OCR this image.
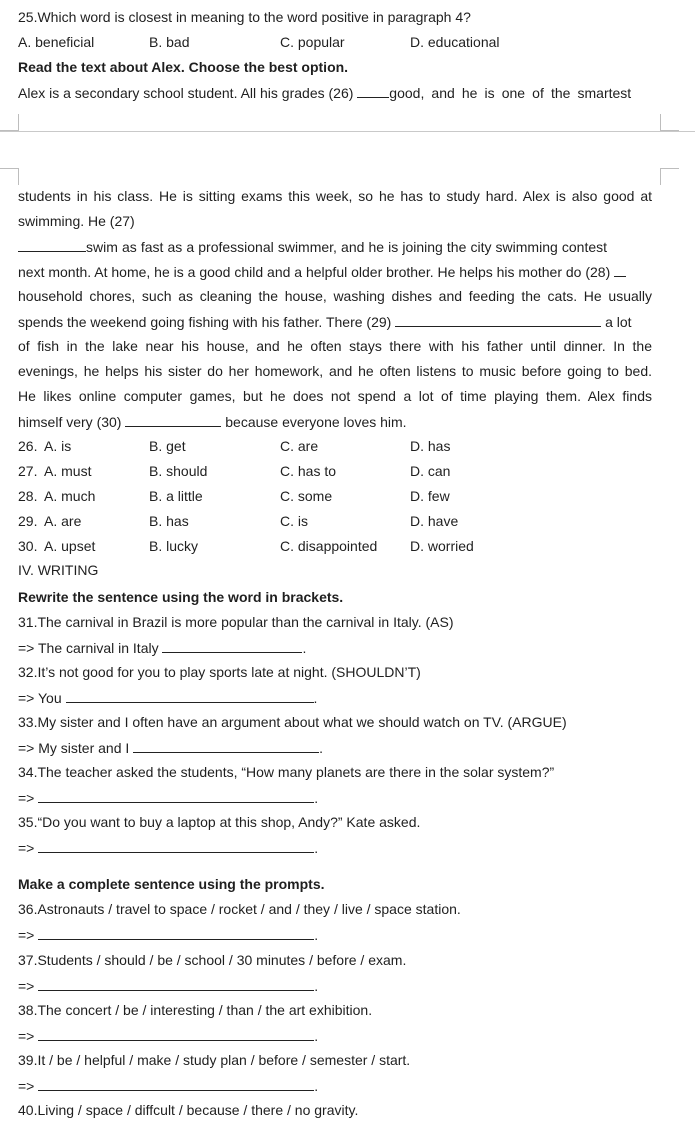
25.Which word is closest in meaning to the word positive in paragraph 4?
A. beneficial	B. bad	C. popular	D. educational
Read the text about Alex. Choose the best option.
Alex is a secondary school student. All his grades (26) good, and he is one of the smartest
students in his class. He is sitting exams this week, so he has to study hard. Alex is also good at
swimming. He (27)
swim as fast as a professional swimmer, and he is joining the city swimming contest
next month. At home, he is a good child and a helpful older brother. He helps his mother do (28)
household chores, such as cleaning the house, washing dishes and feeding the cats. He usually
spends the weekend going fishing with his father. There (29)	a lot
of fish in the lake near his house, and he often stays there with his father until dinner. In the
evenings, he helps his sister do her homework, and he often listens to music before going to bed.
He likes online computer games, but he does not spend a lot of time playing them. Alex finds
himself very (30)	because everyone loves him.
26. A. is	B. get	C. are	D. has
27. A. must	B. should	C. has to	D. can
28. A. much	B. a little	C. some	D. few
29. A. are	B. has	C. is	D. have
30. A. upset	B. lucky	C. disappointed D. worried
IV. WRITING
Rewrite the sentence using the word in brackets.
31.The carnival in Brazil is more popular than the carnival in Italy. (AS)
=> The carnival in Italy	.
32.It’s not good for you to play sports late at night. (SHOULDN’T)
=> You	.
33.My sister and I often have an argument about what we should watch on TV. (ARGUE)
=> My sister and I	.
34.The teacher asked the students, “How many planets are there in the solar system?”
=>	.
35.“Do you want to buy a laptop at this shop, Andy?” Kate asked.
=>	.
Make a complete sentence using the prompts.
36.Astronauts / travel to space / rocket / and / they / live / space station.
=>	.
37.Students / should / be / school / 30 minutes / before / exam.
=>	.
38.The concert / be / interesting / than / the art exhibition.
=>	.
39.It / be / helpful / make / study plan / before / semester / start.
=>	.
40.Living / space / diffcult / because / there / no gravity.
